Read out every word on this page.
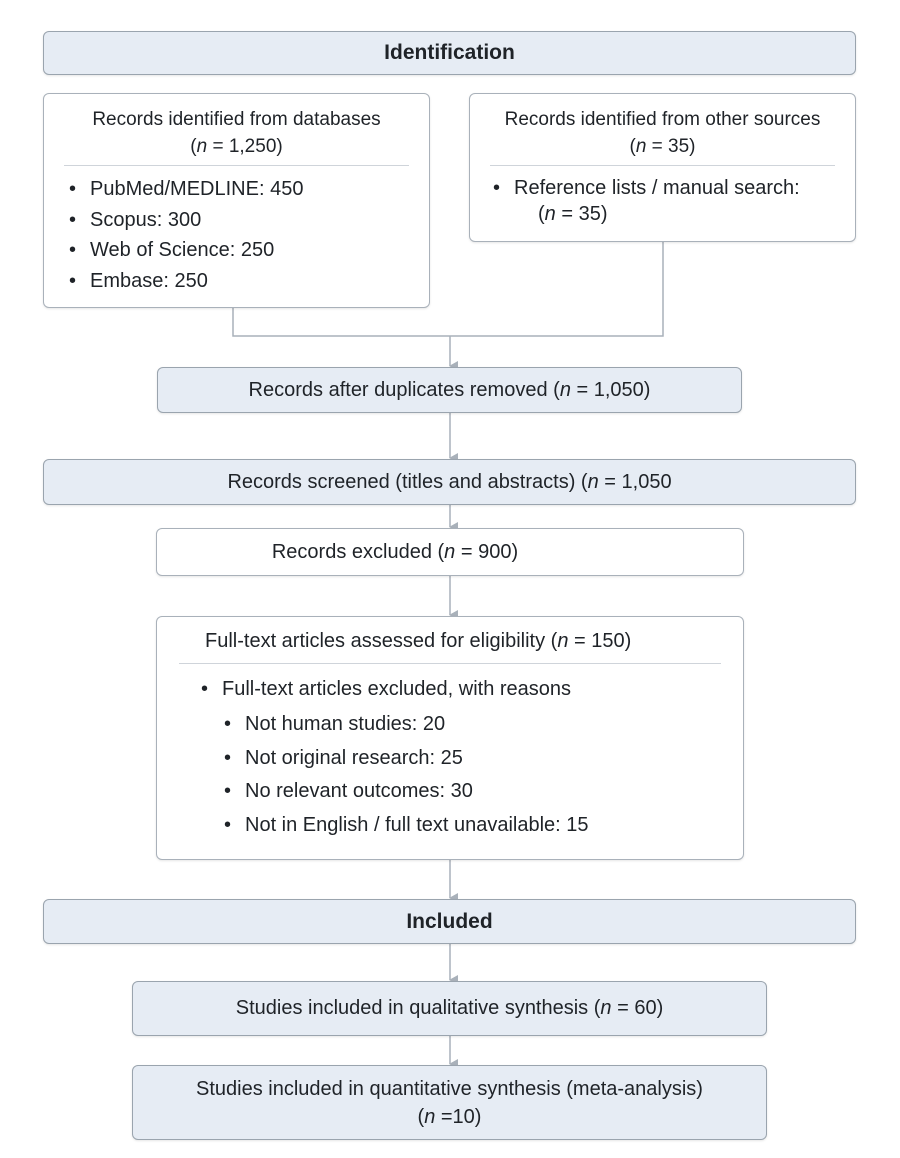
Identification
Records identified from databases
(n = 1,250)
• PubMed/MEDLINE: 450
• Scopus: 300
• Web of Science: 250
• Embase: 250
Records identified from other sources
(n = 35)
• Reference lists / manual search:
(n = 35)
Records after duplicates removed (n = 1,050)
Records screened (titles and abstracts) (n = 1,050
Records excluded (n = 900)
Full-text articles assessed for eligibility (n = 150)
• Full-text articles excluded, with reasons
• Not human studies: 20
• Not original research: 25
• No relevant outcomes: 30
• Not in English / full text unavailable: 15
Included
Studies included in qualitative synthesis (n = 60)
Studies included in quantitative synthesis (meta-analysis)
(n =10)
